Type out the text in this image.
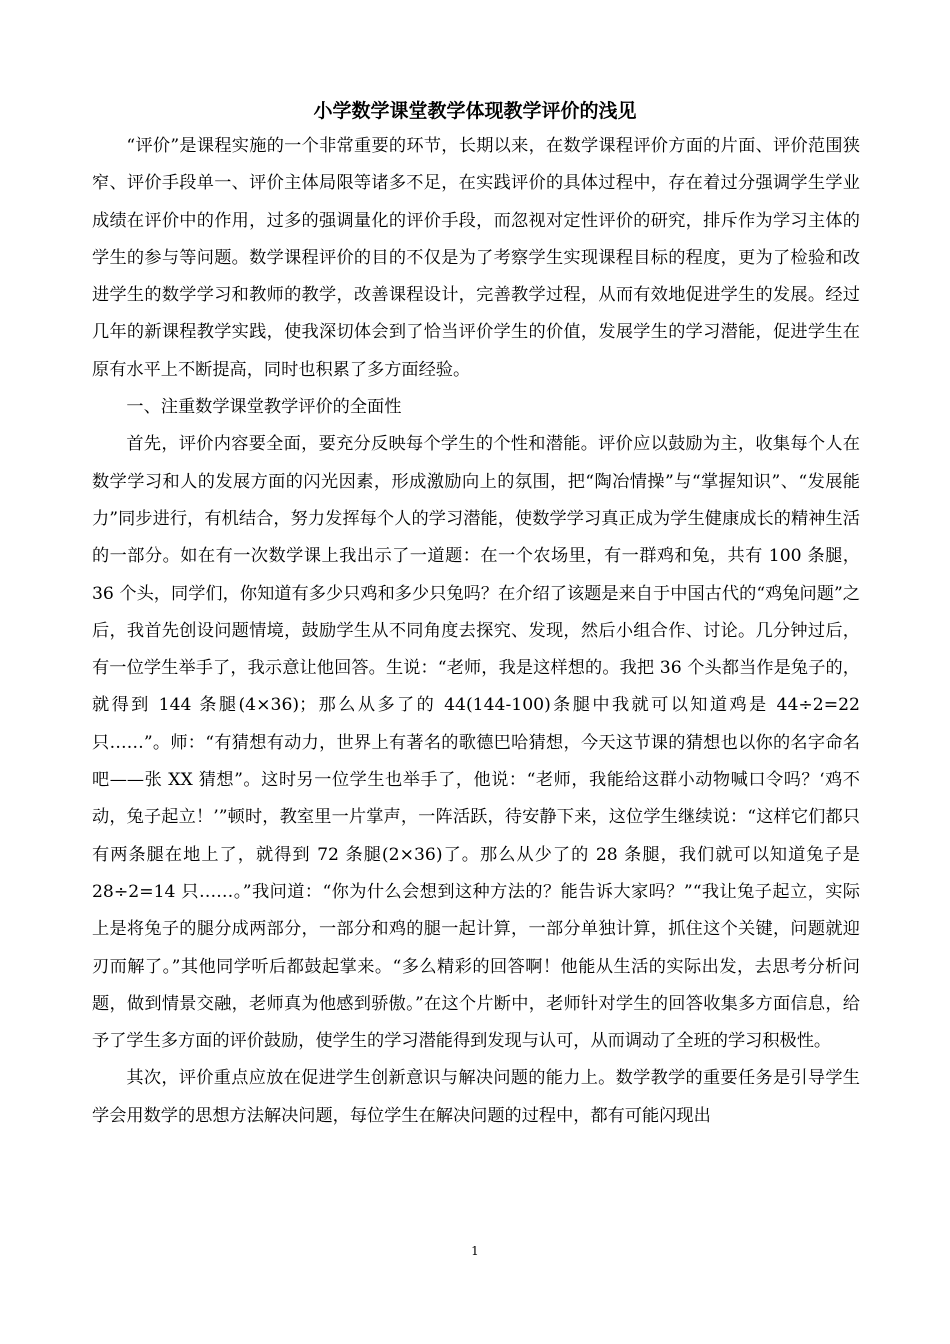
小学数学课堂教学体现教学评价的浅见

“评价”是课程实施的一个非常重要的环节，长期以来，在数学课程评价方面的片面、评价范围狭窄、评价手段单一、评价主体局限等诸多不足，在实践评价的具体过程中，存在着过分强调学生学业成绩在评价中的作用，过多的强调量化的评价手段，而忽视对定性评价的研究，排斥作为学习主体的学生的参与等问题。数学课程评价的目的不仅是为了考察学生实现课程目标的程度，更为了检验和改进学生的数学学习和教师的教学，改善课程设计，完善教学过程，从而有效地促进学生的发展。经过几年的新课程教学实践，使我深切体会到了恰当评价学生的价值，发展学生的学习潜能，促进学生在原有水平上不断提高，同时也积累了多方面经验。

一、注重数学课堂教学评价的全面性

首先，评价内容要全面，要充分反映每个学生的个性和潜能。评价应以鼓励为主，收集每个人在数学学习和人的发展方面的闪光因素，形成激励向上的氛围，把“陶冶情操”与“掌握知识”、“发展能力”同步进行，有机结合，努力发挥每个人的学习潜能，使数学学习真正成为学生健康成长的精神生活的一部分。如在有一次数学课上我出示了一道题：在一个农场里，有一群鸡和兔，共有 100 条腿，36 个头，同学们，你知道有多少只鸡和多少只兔吗？在介绍了该题是来自于中国古代的“鸡兔问题”之后，我首先创设问题情境，鼓励学生从不同角度去探究、发现，然后小组合作、讨论。几分钟过后，有一位学生举手了，我示意让他回答。生说：“老师，我是这样想的。我把 36 个头都当作是兔子的，就得到 144 条腿(4×36)；那么从多了的 44(144-100)条腿中我就可以知道鸡是 44÷2=22 只……”。师：“有猜想有动力，世界上有著名的歌德巴哈猜想，今天这节课的猜想也以你的名字命名吧——张 XX 猜想”。这时另一位学生也举手了，他说：“老师，我能给这群小动物喊口令吗？‘鸡不动，兔子起立！’”顿时，教室里一片掌声，一阵活跃，待安静下来，这位学生继续说：“这样它们都只有两条腿在地上了，就得到 72 条腿(2×36)了。那么从少了的 28 条腿，我们就可以知道兔子是 28÷2=14 只……。”我问道：“你为什么会想到这种方法的？能告诉大家吗？”“我让兔子起立，实际上是将兔子的腿分成两部分，一部分和鸡的腿一起计算，一部分单独计算，抓住这个关键，问题就迎刃而解了。”其他同学听后都鼓起掌来。“多么精彩的回答啊！他能从生活的实际出发，去思考分析问题，做到情景交融，老师真为他感到骄傲。”在这个片断中，老师针对学生的回答收集多方面信息，给予了学生多方面的评价鼓励，使学生的学习潜能得到发现与认可，从而调动了全班的学习积极性。

其次，评价重点应放在促进学生创新意识与解决问题的能力上。数学教学的重要任务是引导学生学会用数学的思想方法解决问题，每位学生在解决问题的过程中，都有可能闪现出

1
